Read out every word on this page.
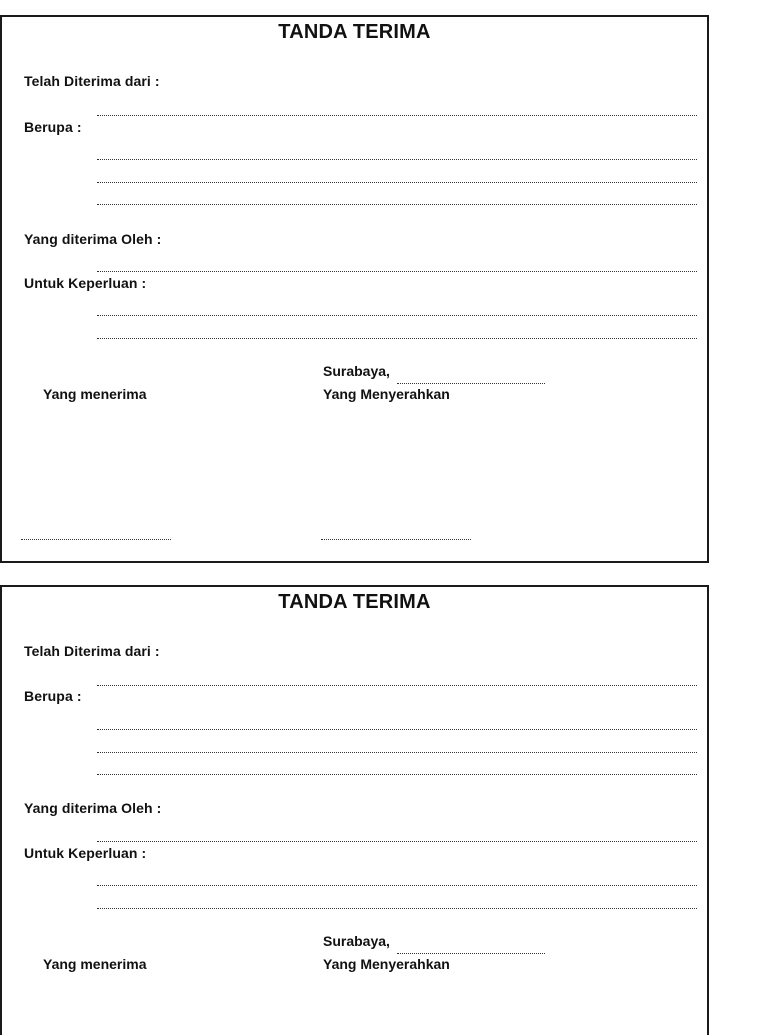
TANDA TERIMA
Telah Diterima dari :
Berupa :
Yang diterima Oleh :
Untuk Keperluan :
Surabaya,
Yang menerima	Yang Menyerahkan
TANDA TERIMA
Telah Diterima dari :
Berupa :
Yang diterima Oleh :
Untuk Keperluan :
Surabaya,
Yang menerima	Yang Menyerahkan
